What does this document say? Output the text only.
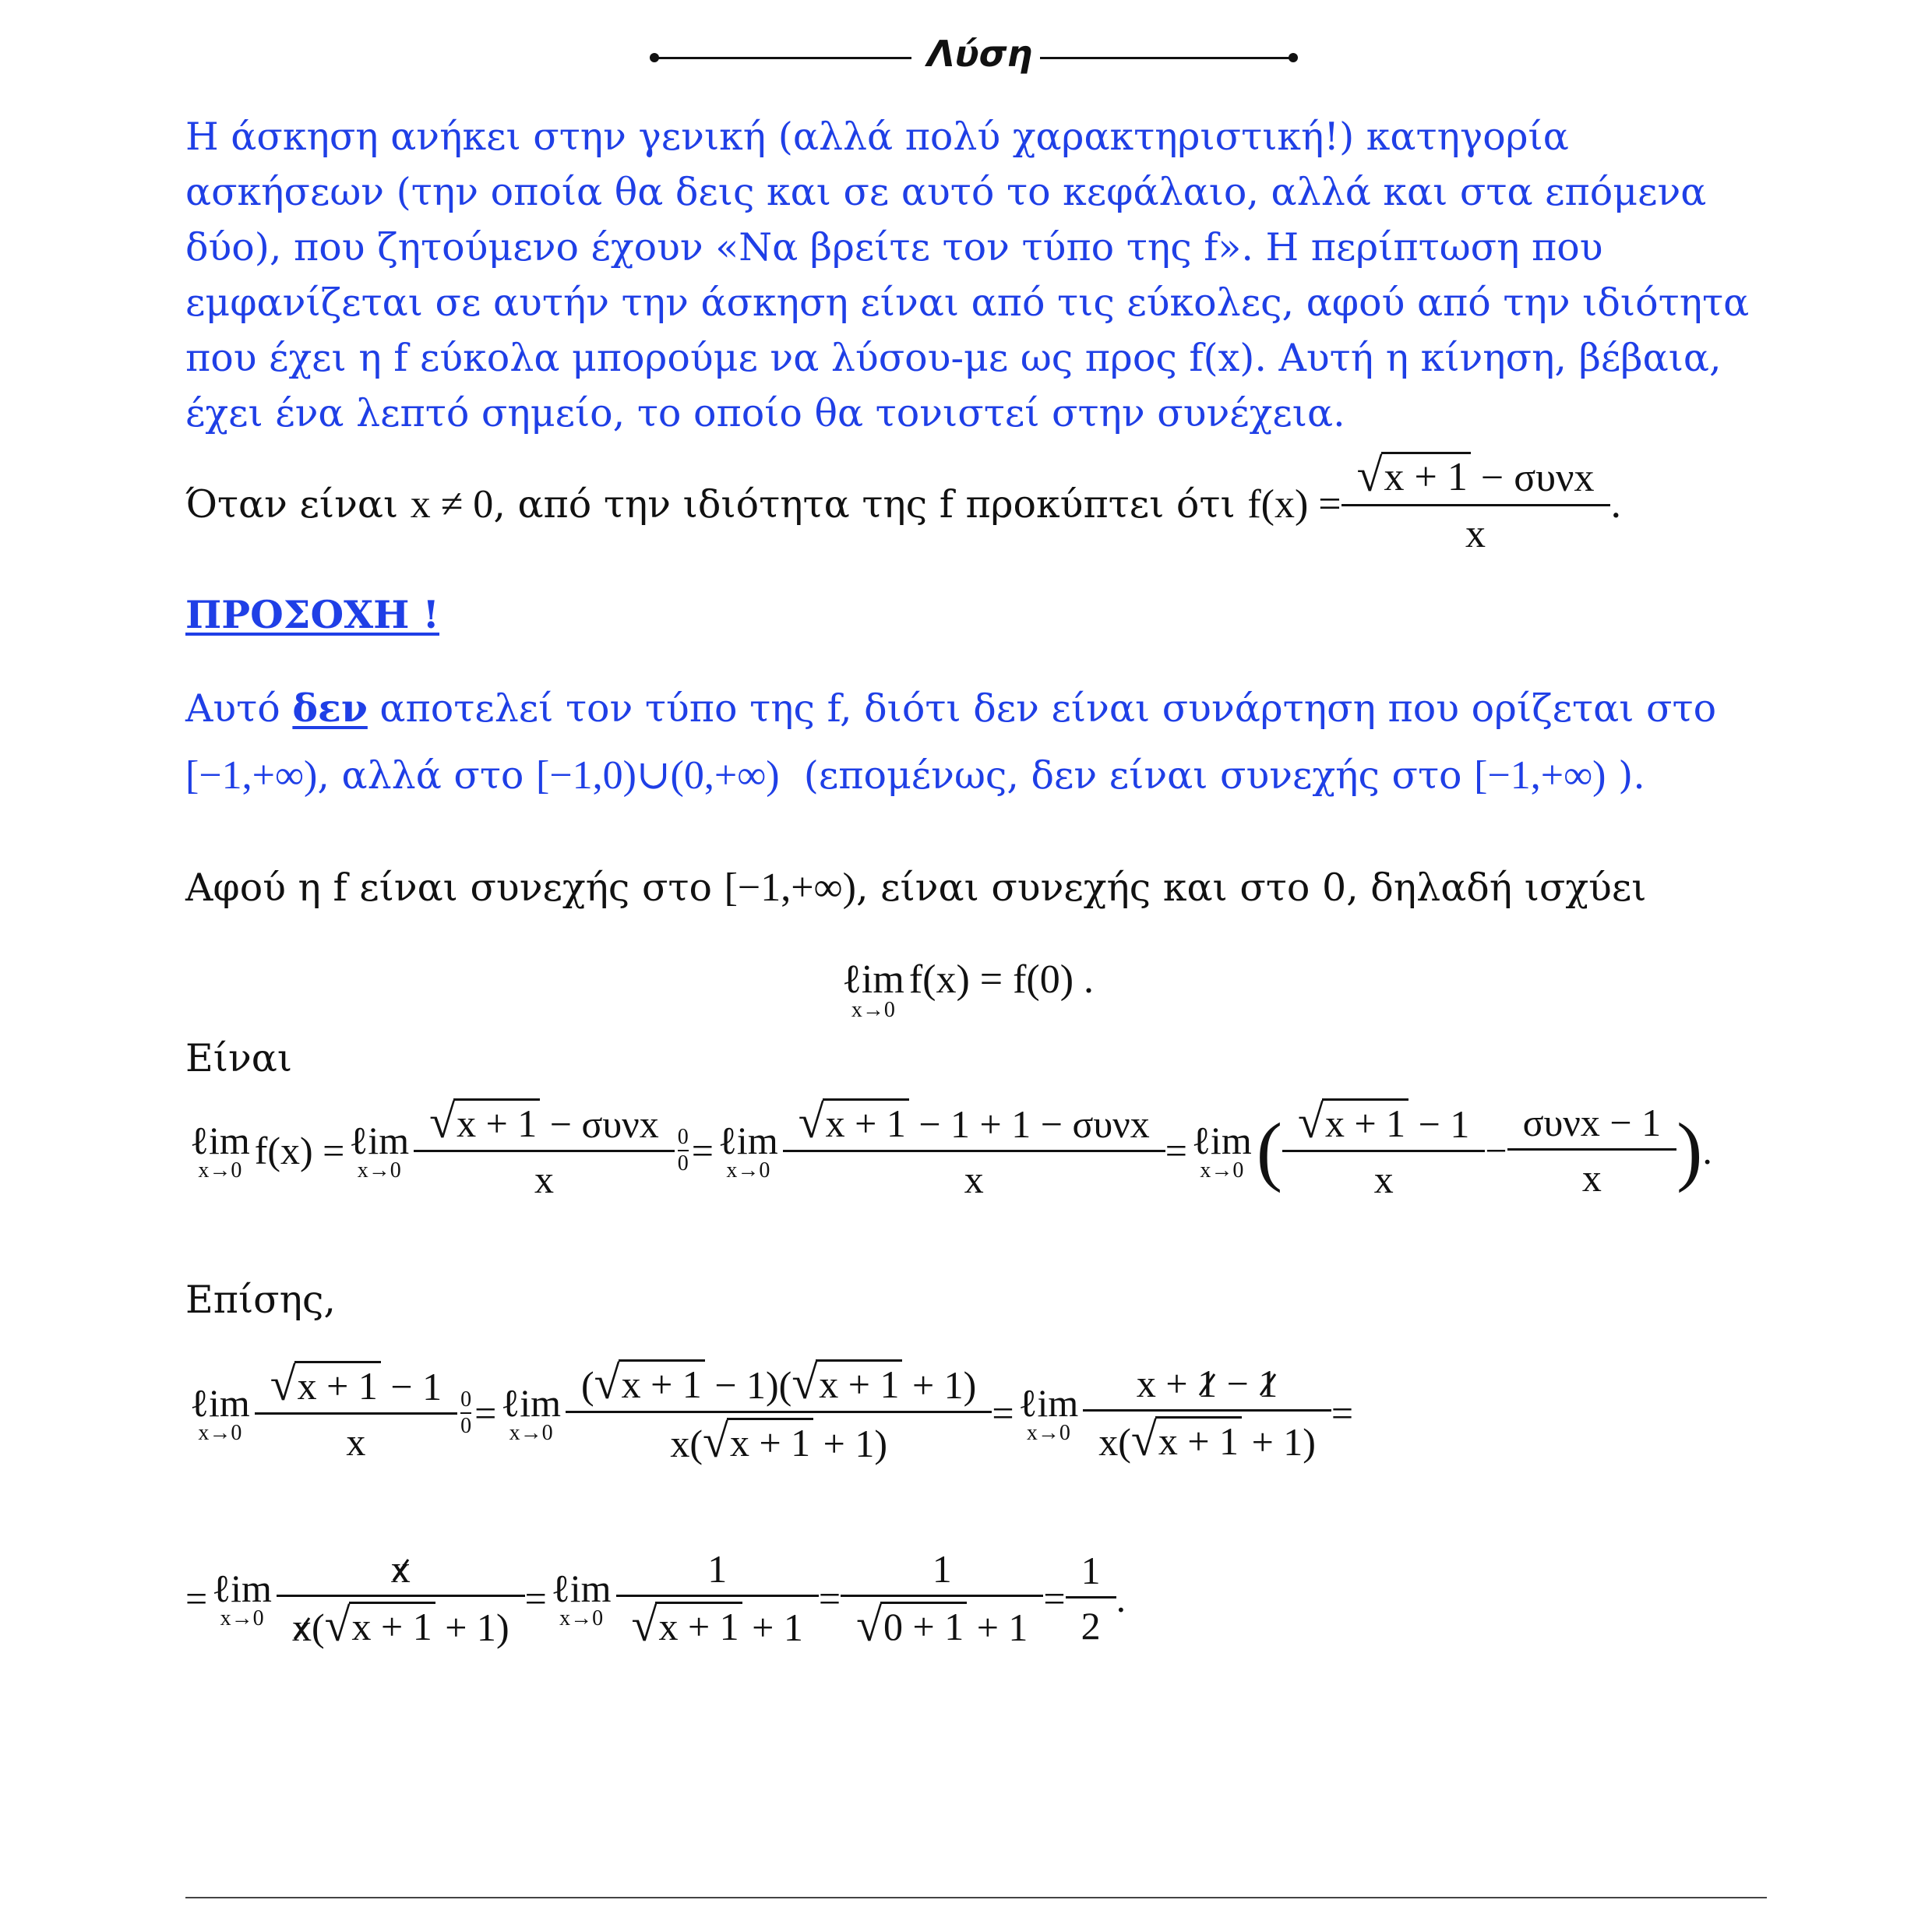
Λύση
Η άσκηση ανήκει στην γενική (αλλά πολύ χαρακτηριστική!) κατηγορία ασκήσεων (την οποία θα δεις και σε αυτό το κεφάλαιο, αλλά και στα επόμενα δύο), που ζητούμενο έχουν «Να βρείτε τον τύπο της f». Η περίπτωση που εμφανίζεται σε αυτήν την άσκηση είναι από τις εύκολες, αφού από την ιδιότητα που έχει η f εύκολα μπορούμε να λύσου-με ως προς f(x). Αυτή η κίνηση, βέβαια, έχει ένα λεπτό σημείο, το οποίο θα τονιστεί στην συνέχεια.
Όταν είναι
x ≠ 0 , από την ιδιότητα της f προκύπτει ότι
$f(x) = \frac{\text{√ x + 1 − συνx}}{x}$ .
ΠΡΟΣΟΧΗ !
Αυτό δεν αποτελεί τον τύπο της f, διότι δεν είναι συνάρτηση που ορίζεται στο
[−1,+∞), αλλά στο [−1,0)∪(0,+∞) (επομένως, δεν είναι συνεχής στο [−1,+∞) ).
Αφού η f είναι συνεχής στο [−1,+∞), είναι συνεχής και στο 0, δηλαδή ισχύει
ℓim
x→0
f(x) = f(0) .
Είναι
ℓim
x→0 f(x) = ℓim
$x\to 0 \frac{\text{√ x + 1 − συνx}}{x} \frac{0}{0}$ = ℓim
$x\to 0 \frac{\text{√ x + 1 − 1 + 1 − συνx}}{x}$ = ℓim
x→0 ( $\frac{√ x + 1 - 1}{x} - \frac{\text{συνx − 1}}{x}$ ) .
Επίσης,
ℓim
$x\to 0 \frac{√ x + 1 - 1}{x} \frac{0}{0}$ = ℓim
$x\to 0 \frac{( √ x + 1 - 1)( √ x + 1 + 1)}{x( √ x + 1 + 1)}$ = ℓim
$x\to 0 \frac{x + 1 - 1}{x( √ x + 1 + 1)}$ =
= ℓim
$x\to 0 \frac{x}{x( √ x + 1 + 1)}$ = ℓim
$x\to 0 \frac{1}{√ x + 1 + 1} = \frac{1}{√ 0 + 1 + 1} = \frac{1}{2}$ .
